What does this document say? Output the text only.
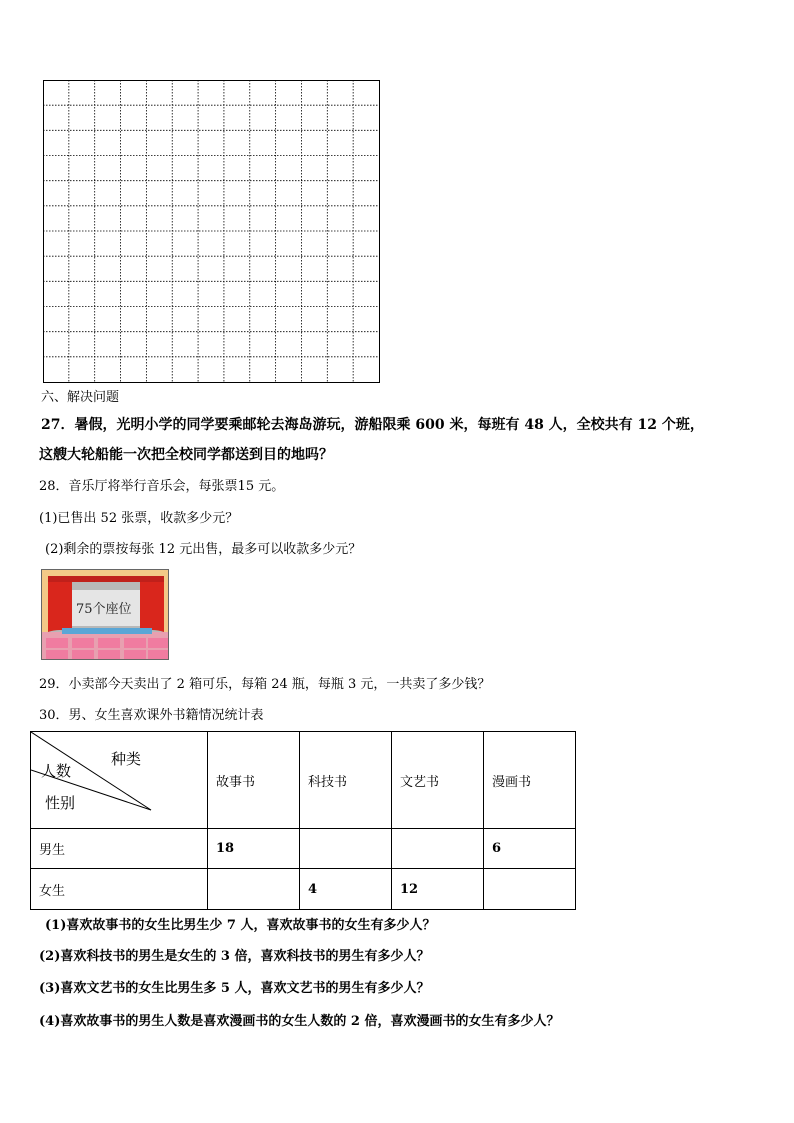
六、解决问题
27．暑假，光明小学的同学要乘邮轮去海岛游玩，游船限乘 600 米，每班有 48 人，全校共有 12 个班，
这艘大轮船能一次把全校同学都送到目的地吗？
28．音乐厅将举行音乐会，每张票15 元。
(1)已售出 52 张票，收款多少元？
(2)剩余的票按每张 12 元出售，最多可以收款多少元？
75个座位
29．小卖部今天卖出了 2 箱可乐，每箱 24 瓶，每瓶 3 元，一共卖了多少钱？
30．男、女生喜欢课外书籍情况统计表
种类
人数
性别	故事书	科技书	文艺书	漫画书
男生	18			6
女生		4	12	
(1)喜欢故事书的女生比男生少 7 人，喜欢故事书的女生有多少人？
(2)喜欢科技书的男生是女生的 3 倍，喜欢科技书的男生有多少人？
(3)喜欢文艺书的女生比男生多 5 人，喜欢文艺书的男生有多少人？
(4)喜欢故事书的男生人数是喜欢漫画书的女生人数的 2 倍，喜欢漫画书的女生有多少人？
